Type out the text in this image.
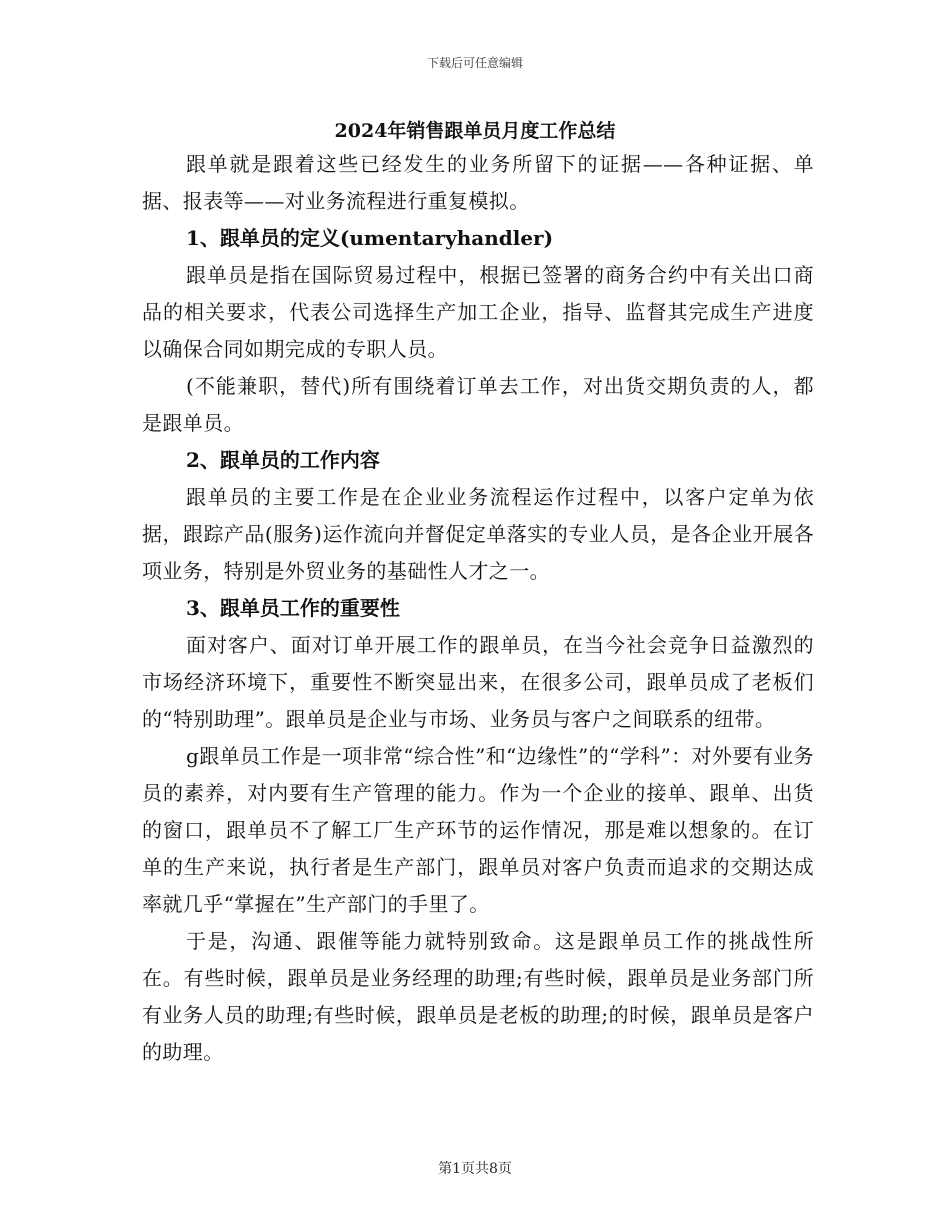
下载后可任意编辑
2024年销售跟单员月度工作总结

跟单就是跟着这些已经发生的业务所留下的证据——各种证据、单据、报表等——对业务流程进行重复模拟。

1、跟单员的定义(umentaryhandler)

跟单员是指在国际贸易过程中，根据已签署的商务合约中有关出口商品的相关要求，代表公司选择生产加工企业，指导、监督其完成生产进度以确保合同如期完成的专职人员。

(不能兼职，替代)所有围绕着订单去工作，对出货交期负责的人，都是跟单员。

2、跟单员的工作内容

跟单员的主要工作是在企业业务流程运作过程中，以客户定单为依据，跟踪产品(服务)运作流向并督促定单落实的专业人员，是各企业开展各项业务，特别是外贸业务的基础性人才之一。

3、跟单员工作的重要性

面对客户、面对订单开展工作的跟单员，在当今社会竞争日益激烈的市场经济环境下，重要性不断突显出来，在很多公司，跟单员成了老板们的“特别助理”。跟单员是企业与市场、业务员与客户之间联系的纽带。

g跟单员工作是一项非常“综合性”和“边缘性”的“学科”：对外要有业务员的素养，对内要有生产管理的能力。作为一个企业的接单、跟单、出货的窗口，跟单员不了解工厂生产环节的运作情况，那是难以想象的。在订单的生产来说，执行者是生产部门，跟单员对客户负责而追求的交期达成率就几乎“掌握在”生产部门的手里了。

于是，沟通、跟催等能力就特别致命。这是跟单员工作的挑战性所在。有些时候，跟单员是业务经理的助理;有些时候，跟单员是业务部门所有业务人员的助理;有些时候，跟单员是老板的助理;的时候，跟单员是客户的助理。

第1页共8页
